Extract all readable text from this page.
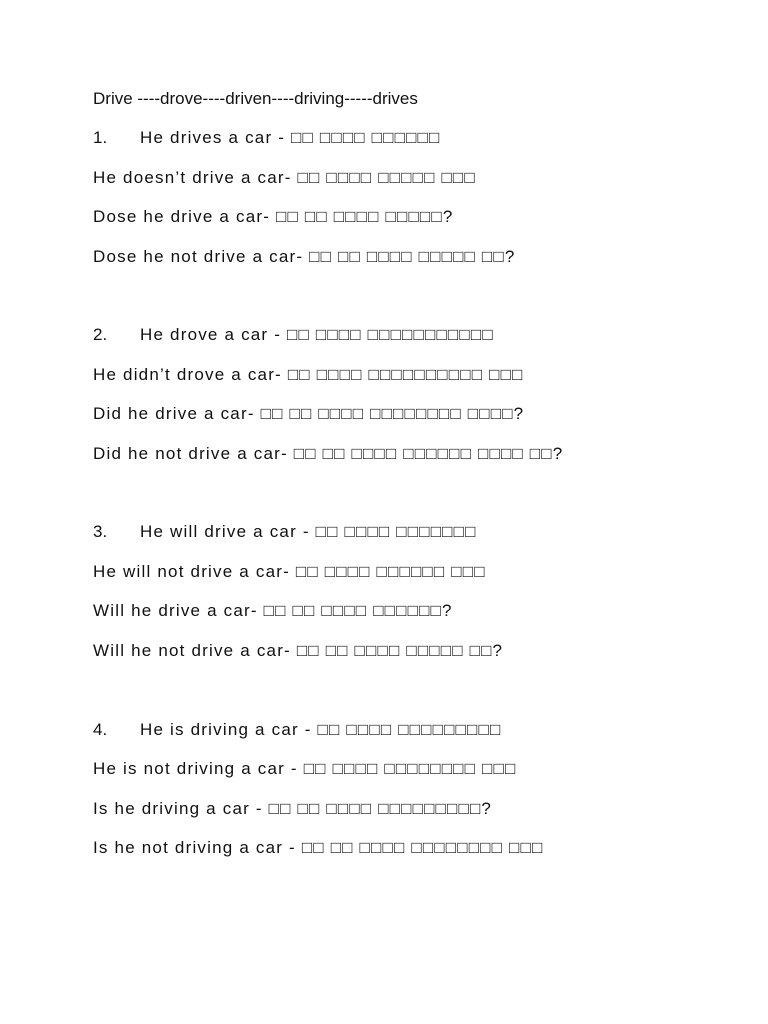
Drive ----drove----driven----driving-----drives
1. He drives a car - □□ □□□□ □□□□□□
He doesn’t drive a car- □□ □□□□ □□□□□ □□□
Dose he drive a car- □□ □□ □□□□ □□□□□?
Dose he not drive a car- □□ □□ □□□□ □□□□□ □□?
2. He drove a car - □□ □□□□ □□□□□□□□□□□
He didn’t drove a car- □□ □□□□ □□□□□□□□□□ □□□
Did he drive a car- □□ □□ □□□□ □□□□□□□□ □□□□?
Did he not drive a car- □□ □□ □□□□ □□□□□□ □□□□ □□?
3. He will drive a car - □□ □□□□ □□□□□□□
He will not drive a car- □□ □□□□ □□□□□□ □□□
Will he drive a car- □□ □□ □□□□ □□□□□□?
Will he not drive a car- □□ □□ □□□□ □□□□□ □□?
4. He is driving a car - □□ □□□□ □□□□□□□□□
He is not driving a car - □□ □□□□ □□□□□□□□ □□□
Is he driving a car - □□ □□ □□□□ □□□□□□□□□?
Is he not driving a car - □□ □□ □□□□ □□□□□□□□ □□□
